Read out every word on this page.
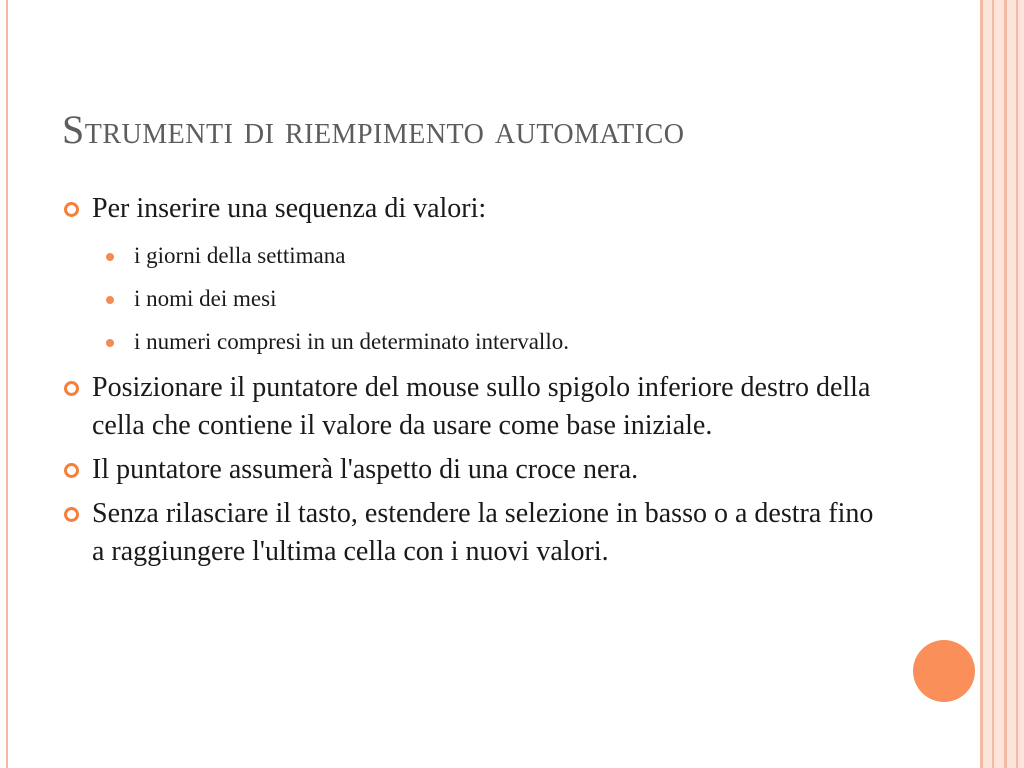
Strumenti di riempimento automatico
Per inserire una sequenza di valori:
i giorni della settimana
i nomi dei mesi
i numeri compresi in un determinato intervallo.
Posizionare il puntatore del mouse sullo spigolo inferiore destro della cella che contiene il valore da usare come base iniziale.
Il puntatore assumerà l'aspetto di una croce nera.
Senza rilasciare il tasto, estendere la selezione in basso o a destra fino a raggiungere l'ultima cella con i nuovi valori.
